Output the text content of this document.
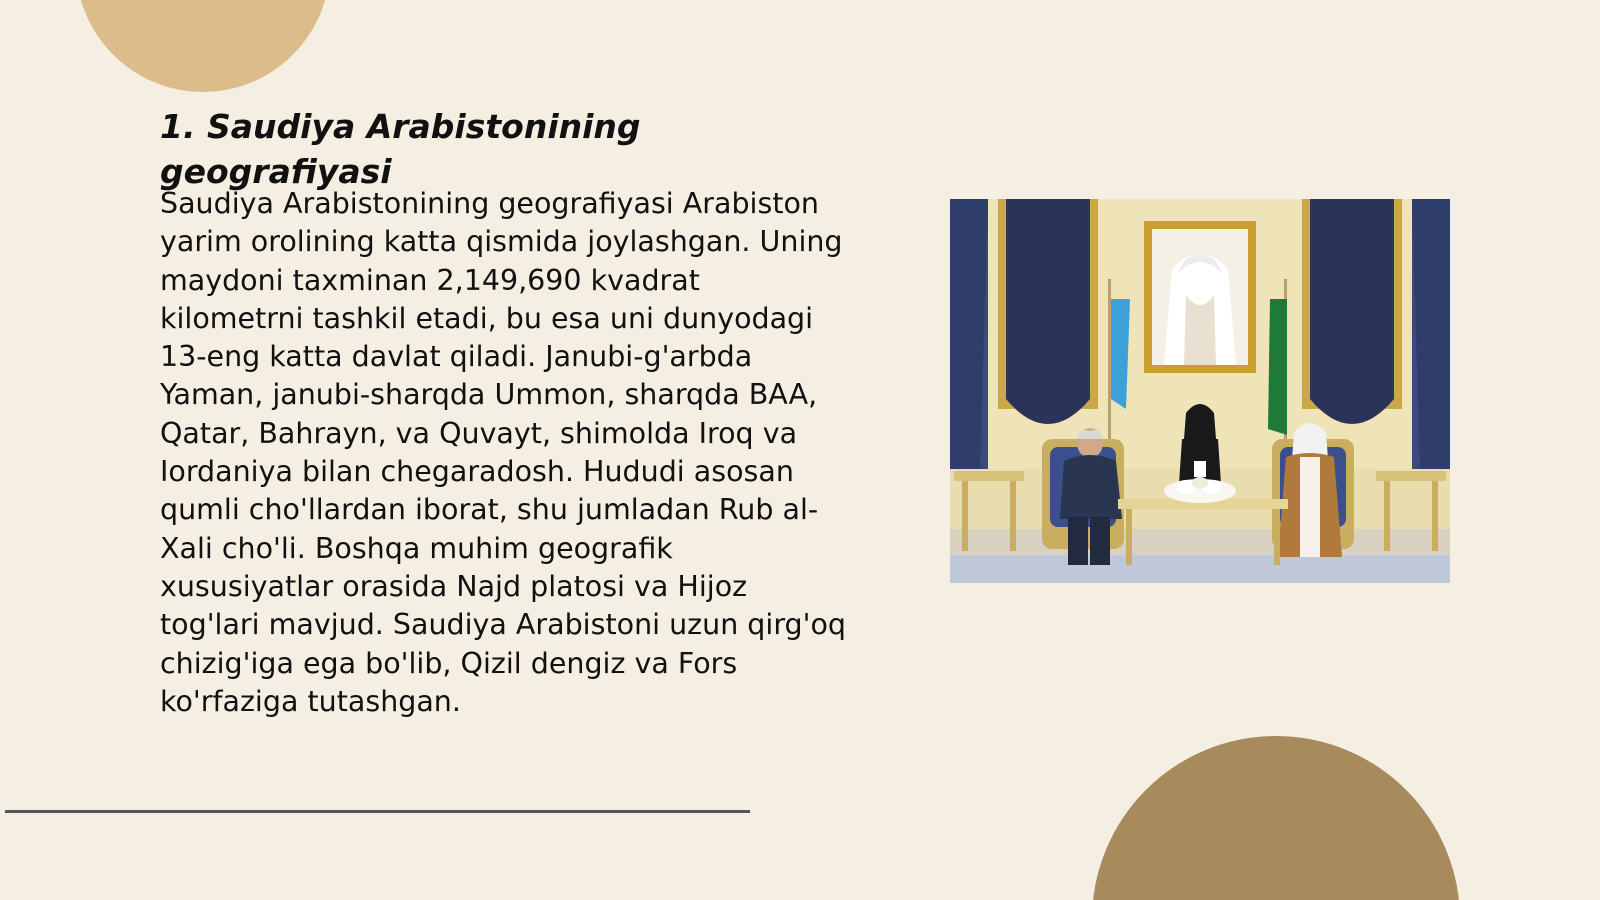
1. Saudiya Arabistonining geografiyasi

Saudiya Arabistonining geografiyasi Arabiston yarim orolining katta qismida joylashgan. Uning maydoni taxminan 2,149,690 kvadrat kilometrni tashkil etadi, bu esa uni dunyodagi 13-eng katta davlat qiladi. Janubi-g'arbda Yaman, janubi-sharqda Ummon, sharqda BAA, Qatar, Bahrayn, va Quvayt, shimolda Iroq va Iordaniya bilan chegaradosh. Hududi asosan qumli cho'llardan iborat, shu jumladan Rub al-Xali cho'li. Boshqa muhim geografik xususiyatlar orasida Najd platosi va Hijoz tog'lari mavjud. Saudiya Arabistoni uzun qirg'oq chizig'iga ega bo'lib, Qizil dengiz va Fors ko'rfaziga tutashgan.
